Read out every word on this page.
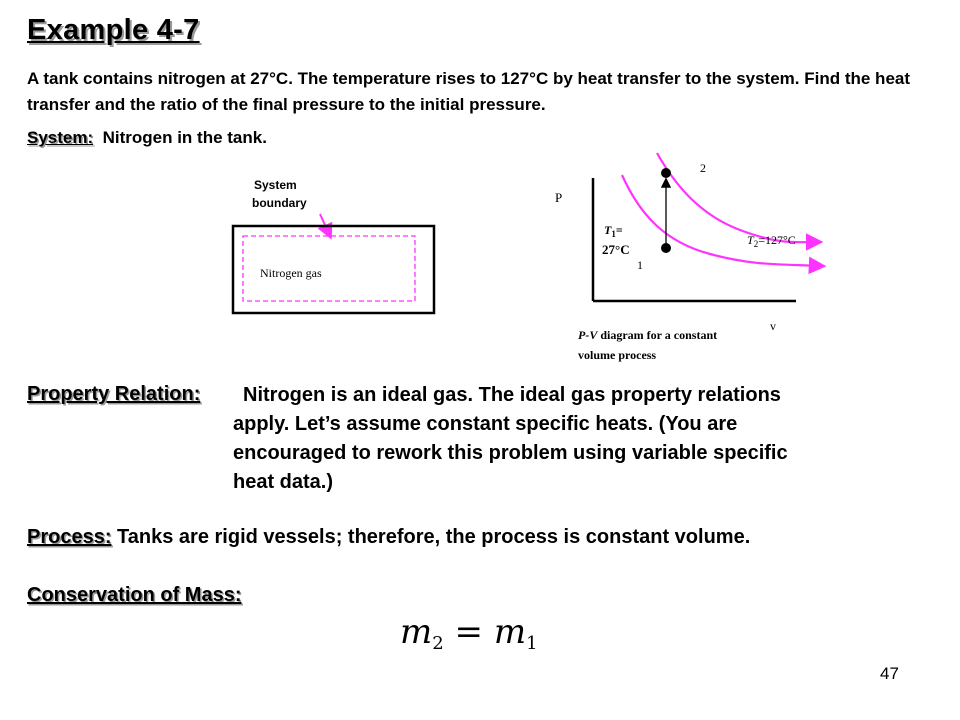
Example 4-7
A tank contains nitrogen at 27°C. The temperature rises to 127°C by heat transfer to the system. Find the heat transfer and the ratio of the final pressure to the initial pressure.
System: Nitrogen in the tank.
System
boundary
Nitrogen gas
P
v
2
1
$T_1=$
27°C
$T_2=127^\circ C$
P-V diagram for a constant
volume process
Property Relation: Nitrogen is an ideal gas. The ideal gas property relations
apply. Let’s assume constant specific heats. (You are
encouraged to rework this problem using variable specific
heat data.)
Process: Tanks are rigid vessels; therefore, the process is constant volume.
Conservation of Mass:
$m_2 = m_1$
47
